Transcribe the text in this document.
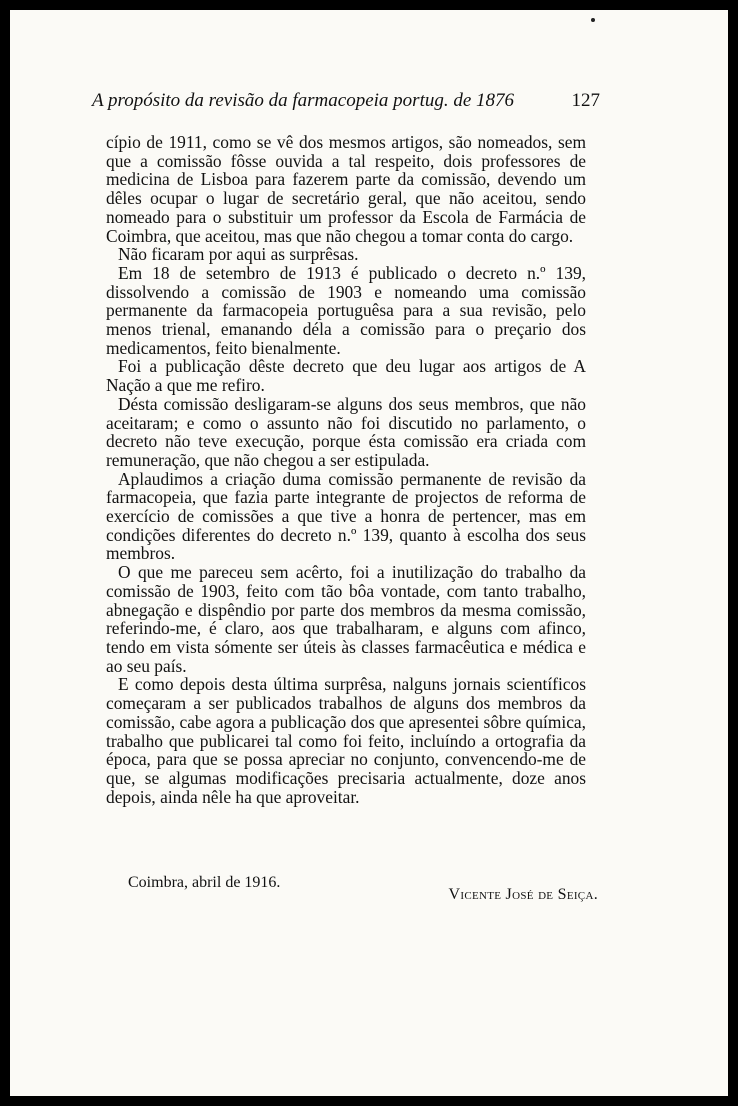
A propósito da revisão da farmacopeia portug. de 1876	127

cípio de 1911, como se vê dos mesmos artigos, são nomeados, sem que a comissão fôsse ouvida a tal respeito, dois professores de medicina de Lisboa para fazerem parte da comissão, devendo um dêles ocupar o lugar de secretário geral, que não aceitou, sendo nomeado para o substituir um professor da Escola de Farmácia de Coimbra, que aceitou, mas que não chegou a tomar conta do cargo.

Não ficaram por aqui as surprêsas.

Em 18 de setembro de 1913 é publicado o decreto n.º 139, dissolvendo a comissão de 1903 e nomeando uma comissão permanente da farmacopeia portuguêsa para a sua revisão, pelo menos trienal, emanando déla a comissão para o preçario dos medicamentos, feito bienalmente.

Foi a publicação dêste decreto que deu lugar aos artigos de A Nação a que me refiro.

Désta comissão desligaram-se alguns dos seus membros, que não aceitaram; e como o assunto não foi discutido no parlamento, o decreto não teve execução, porque ésta comissão era criada com remuneração, que não chegou a ser estipulada.

Aplaudimos a criação duma comissão permanente de revisão da farmacopeia, que fazia parte integrante de projectos de reforma de exercício de comissões a que tive a honra de pertencer, mas em condições diferentes do decreto n.º 139, quanto à escolha dos seus membros.

O que me pareceu sem acêrto, foi a inutilização do trabalho da comissão de 1903, feito com tão bôa vontade, com tanto trabalho, abnegação e dispêndio por parte dos membros da mesma comissão, referindo-me, é claro, aos que trabalharam, e alguns com afinco, tendo em vista sómente ser úteis às classes farmacêutica e médica e ao seu país.

E como depois desta última surprêsa, nalguns jornais scientíficos começaram a ser publicados trabalhos de alguns dos membros da comissão, cabe agora a publicação dos que apresentei sôbre química, trabalho que publicarei tal como foi feito, incluíndo a ortografia da época, para que se possa apreciar no conjunto, convencendo-me de que, se algumas modificações precisaria actualmente, doze anos depois, ainda nêle ha que aproveitar.

Coimbra, abril de 1916.
Vicente José de Seiça.
